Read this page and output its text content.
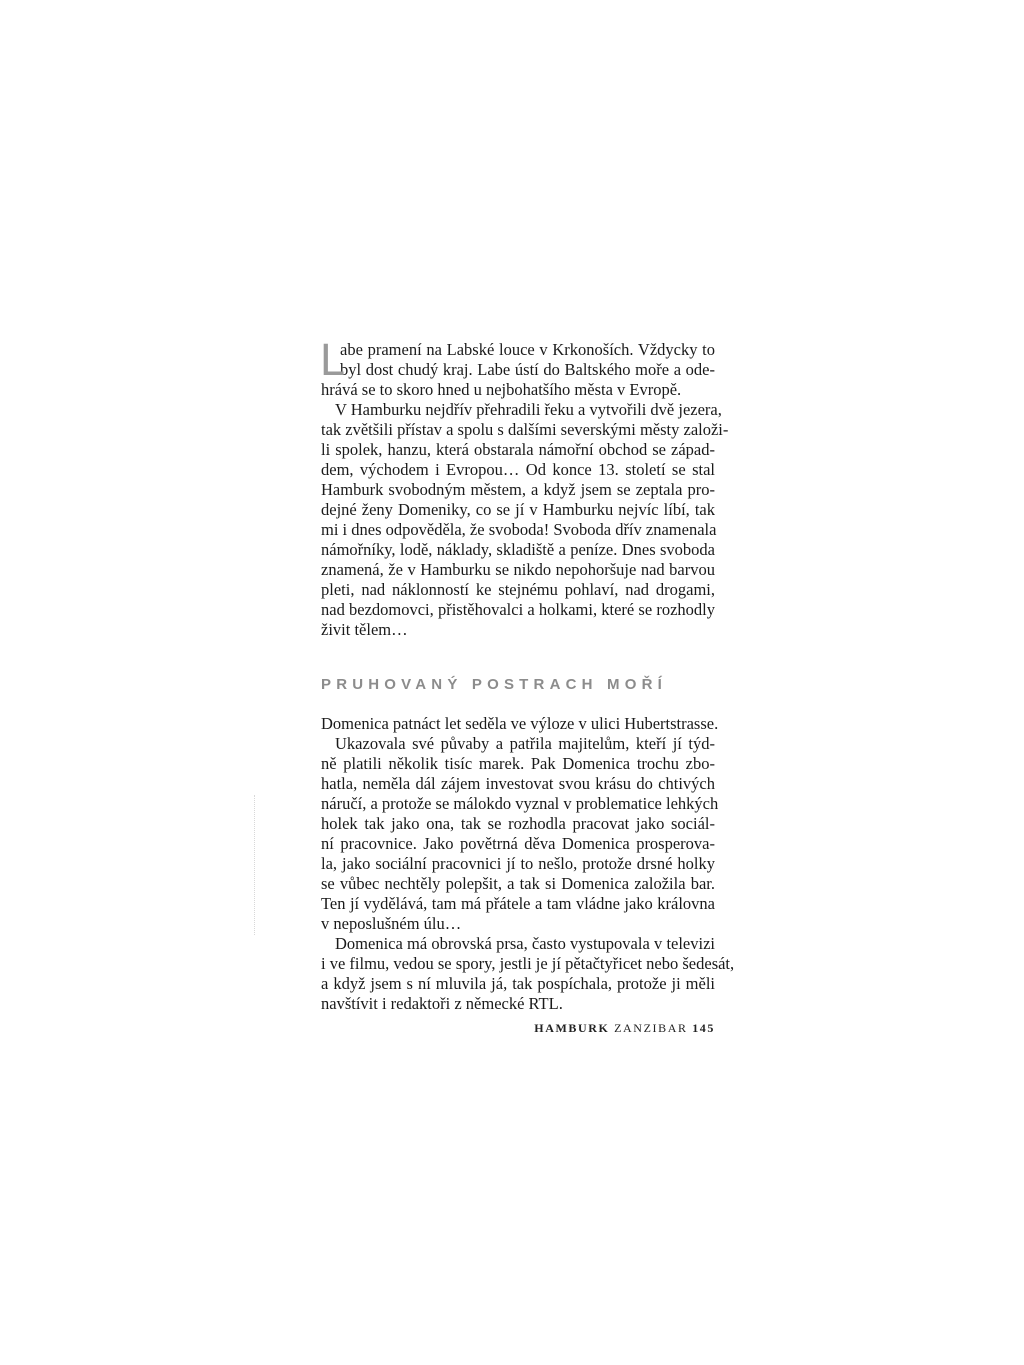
L
abe pramení na Labské louce v Krkonoších. Vždycky to
byl dost chudý kraj. Labe ústí do Baltského moře a ode-
hrává se to skoro hned u nejbohatšího města v Evropě.
V Hamburku nejdřív přehradili řeku a vytvořili dvě jezera,
tak zvětšili přístav a spolu s dalšími severskými městy založi-
li spolek, hanzu, která obstarala námořní obchod se západ-
dem, východem i Evropou… Od konce 13. století se stal
Hamburk svobodným městem, a když jsem se zeptala pro-
dejné ženy Domeniky, co se jí v Hamburku nejvíc líbí, tak
mi i dnes odpověděla, že svoboda! Svoboda dřív znamenala
námořníky, lodě, náklady, skladiště a peníze. Dnes svoboda
znamená, že v Hamburku se nikdo nepohoršuje nad barvou
pleti, nad náklonností ke stejnému pohlaví, nad drogami,
nad bezdomovci, přistěhovalci a holkami, které se rozhodly
živit tělem…
PRUHOVANÝ POSTRACH MOŘÍ
Domenica patnáct let seděla ve výloze v ulici Hubertstrasse.
Ukazovala své půvaby a patřila majitelům, kteří jí týd-
ně platili několik tisíc marek. Pak Domenica trochu zbo-
hatla, neměla dál zájem investovat svou krásu do chtivých
náručí, a protože se málokdo vyznal v problematice lehkých
holek tak jako ona, tak se rozhodla pracovat jako sociál-
ní pracovnice. Jako povětrná děva Domenica prosperova-
la, jako sociální pracovnici jí to nešlo, protože drsné holky
se vůbec nechtěly polepšit, a tak si Domenica založila bar.
Ten jí vydělává, tam má přátele a tam vládne jako královna
v neposlušném úlu…
Domenica má obrovská prsa, často vystupovala v televizi
i ve filmu, vedou se spory, jestli je jí pětačtyřicet nebo šedesát,
a když jsem s ní mluvila já, tak pospíchala, protože ji měli
navštívit i redaktoři z německé RTL.
HAMBURK ZANZIBAR 145
